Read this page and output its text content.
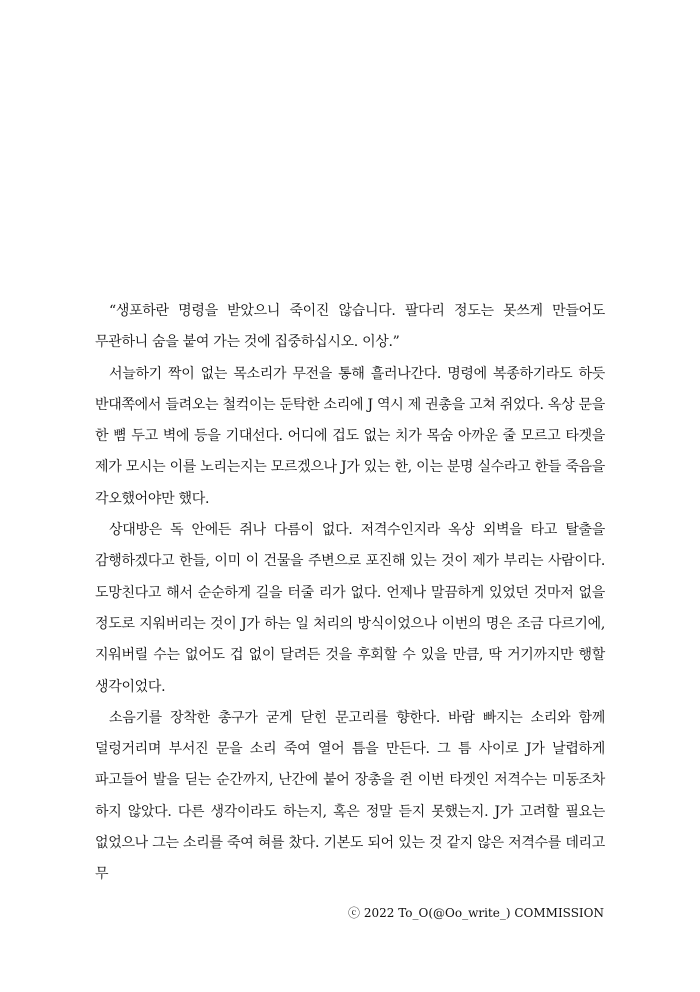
“생포하란 명령을 받았으니 죽이진 않습니다. 팔다리 정도는 못쓰게 만들어도 무관하니 숨을 붙여 가는 것에 집중하십시오. 이상.”

서늘하기 짝이 없는 목소리가 무전을 통해 흘러나간다. 명령에 복종하기라도 하듯 반대쪽에서 들려오는 철컥이는 둔탁한 소리에 J 역시 제 권총을 고쳐 쥐었다. 옥상 문을 한 뼘 두고 벽에 등을 기대선다. 어디에 겁도 없는 치가 목숨 아까운 줄 모르고 타겟을 제가 모시는 이를 노리는지는 모르겠으나 J가 있는 한, 이는 분명 실수라고 한들 죽음을 각오했어야만 했다.

상대방은 독 안에든 쥐나 다름이 없다. 저격수인지라 옥상 외벽을 타고 탈출을 감행하겠다고 한들, 이미 이 건물을 주변으로 포진해 있는 것이 제가 부리는 사람이다. 도망친다고 해서 순순하게 길을 터줄 리가 없다. 언제나 말끔하게 있었던 것마저 없을 정도로 지워버리는 것이 J가 하는 일 처리의 방식이었으나 이번의 명은 조금 다르기에, 지워버릴 수는 없어도 겁 없이 달려든 것을 후회할 수 있을 만큼, 딱 거기까지만 행할 생각이었다.

소음기를 장착한 총구가 굳게 닫힌 문고리를 향한다. 바람 빠지는 소리와 함께 덜렁거리며 부서진 문을 소리 죽여 열어 틈을 만든다. 그 틈 사이로 J가 날렵하게 파고들어 발을 딛는 순간까지, 난간에 붙어 장총을 쥔 이번 타겟인 저격수는 미동조차 하지 않았다. 다른 생각이라도 하는지, 혹은 정말 듣지 못했는지. J가 고려할 필요는 없었으나 그는 소리를 죽여 혀를 찼다. 기본도 되어 있는 것 같지 않은 저격수를 데리고 무

ⓒ 2022 To_O(@Oo_write_) COMMISSION
